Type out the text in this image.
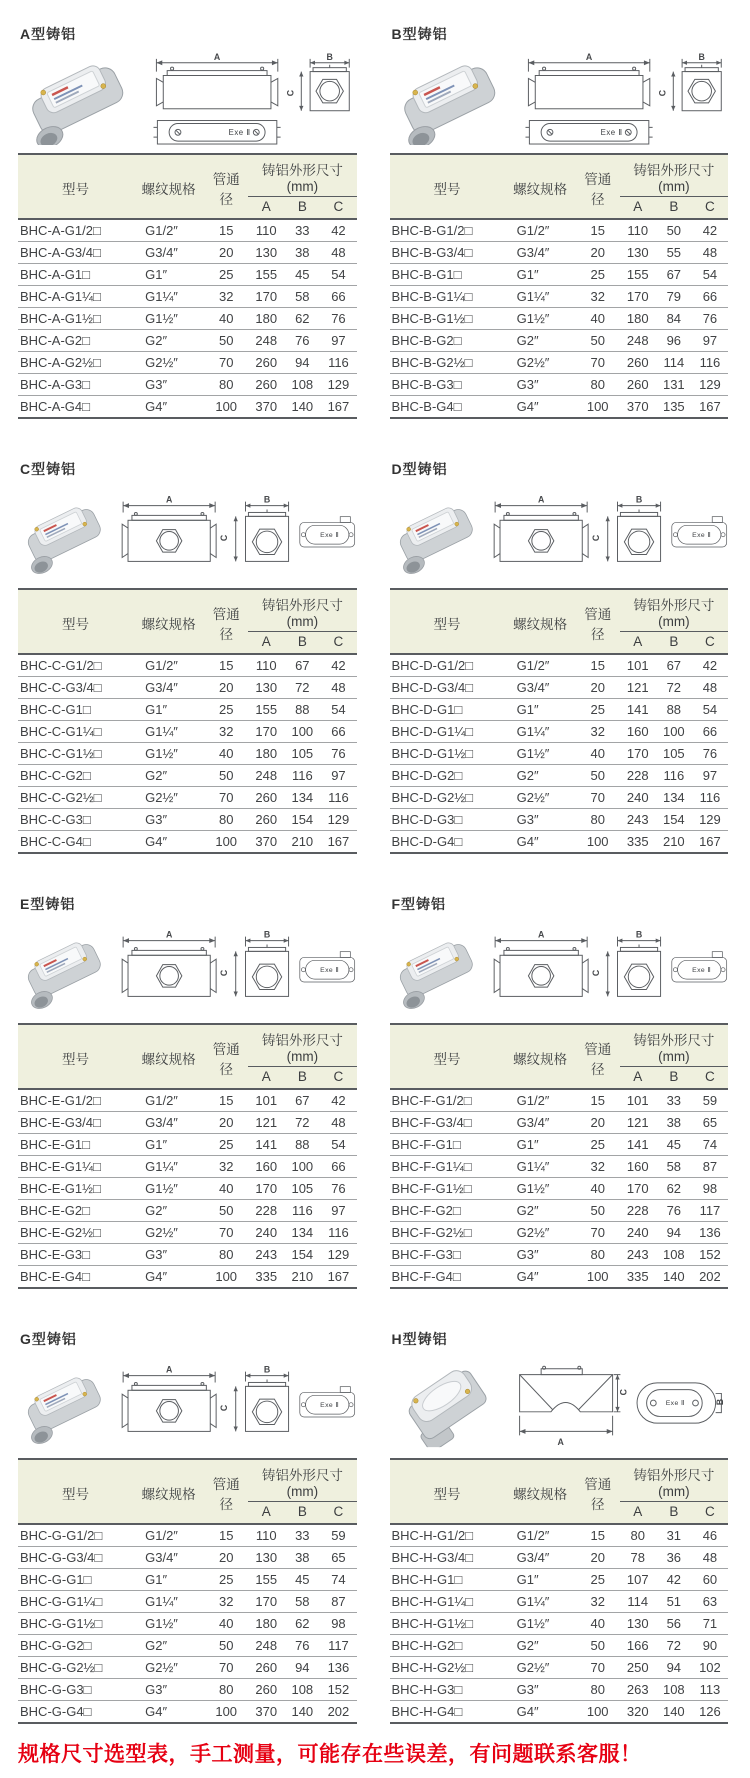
A型铸铝
A	B
C
Exe Ⅱ
型号	螺纹规格	管通径	铸铝外形尺寸(mm)		
			A	B	C
BHC-A-G1/2□	G1/2″	15	110	33	42
BHC-A-G3/4□	G3/4″	20	130	38	48
BHC-A-G1□	G1″	25	155	45	54
BHC-A-G1¼□	G1¼″	32	170	58	66
BHC-A-G1½□	G1½″	40	180	62	76
BHC-A-G2□	G2″	50	248	76	97
BHC-A-G2½□	G2½″	70	260	94	116
BHC-A-G3□	G3″	80	260	108	129
BHC-A-G4□	G4″	100	370	140	167
B型铸铝
A	B
C
Exe Ⅱ
型号	螺纹规格	管通径	铸铝外形尺寸(mm)		
			A	B	C
BHC-B-G1/2□	G1/2″	15	110	50	42
BHC-B-G3/4□	G3/4″	20	130	55	48
BHC-B-G1□	G1″	25	155	67	54
BHC-B-G1¼□	G1¼″	32	170	79	66
BHC-B-G1½□	G1½″	40	180	84	76
BHC-B-G2□	G2″	50	248	96	97
BHC-B-G2½□	G2½″	70	260	114	116
BHC-B-G3□	G3″	80	260	131	129
BHC-B-G4□	G4″	100	370	135	167
C型铸铝
A	B
C	Exe Ⅱ
型号	螺纹规格	管通径	铸铝外形尺寸(mm)		
			A	B	C
BHC-C-G1/2□	G1/2″	15	110	67	42
BHC-C-G3/4□	G3/4″	20	130	72	48
BHC-C-G1□	G1″	25	155	88	54
BHC-C-G1¼□	G1¼″	32	170	100	66
BHC-C-G1½□	G1½″	40	180	105	76
BHC-C-G2□	G2″	50	248	116	97
BHC-C-G2½□	G2½″	70	260	134	116
BHC-C-G3□	G3″	80	260	154	129
BHC-C-G4□	G4″	100	370	210	167
D型铸铝
A	B
C	Exe Ⅱ
型号	螺纹规格	管通径	铸铝外形尺寸(mm)		
			A	B	C
BHC-D-G1/2□	G1/2″	15	101	67	42
BHC-D-G3/4□	G3/4″	20	121	72	48
BHC-D-G1□	G1″	25	141	88	54
BHC-D-G1¼□	G1¼″	32	160	100	66
BHC-D-G1½□	G1½″	40	170	105	76
BHC-D-G2□	G2″	50	228	116	97
BHC-D-G2½□	G2½″	70	240	134	116
BHC-D-G3□	G3″	80	243	154	129
BHC-D-G4□	G4″	100	335	210	167
E型铸铝
A	B
C	Exe Ⅱ
型号	螺纹规格	管通径	铸铝外形尺寸(mm)		
			A	B	C
BHC-E-G1/2□	G1/2″	15	101	67	42
BHC-E-G3/4□	G3/4″	20	121	72	48
BHC-E-G1□	G1″	25	141	88	54
BHC-E-G1¼□	G1¼″	32	160	100	66
BHC-E-G1½□	G1½″	40	170	105	76
BHC-E-G2□	G2″	50	228	116	97
BHC-E-G2½□	G2½″	70	240	134	116
BHC-E-G3□	G3″	80	243	154	129
BHC-E-G4□	G4″	100	335	210	167
F型铸铝
A	B
C	Exe Ⅱ
型号	螺纹规格	管通径	铸铝外形尺寸(mm)		
			A	B	C
BHC-F-G1/2□	G1/2″	15	101	33	59
BHC-F-G3/4□	G3/4″	20	121	38	65
BHC-F-G1□	G1″	25	141	45	74
BHC-F-G1¼□	G1¼″	32	160	58	87
BHC-F-G1½□	G1½″	40	170	62	98
BHC-F-G2□	G2″	50	228	76	117
BHC-F-G2½□	G2½″	70	240	94	136
BHC-F-G3□	G3″	80	243	108	152
BHC-F-G4□	G4″	100	335	140	202
G型铸铝
A	B
C	Exe Ⅱ
型号	螺纹规格	管通径	铸铝外形尺寸(mm)		
			A	B	C
BHC-G-G1/2□	G1/2″	15	110	33	59
BHC-G-G3/4□	G3/4″	20	130	38	65
BHC-G-G1□	G1″	25	155	45	74
BHC-G-G1¼□	G1¼″	32	170	58	87
BHC-G-G1½□	G1½″	40	180	62	98
BHC-G-G2□	G2″	50	248	76	117
BHC-G-G2½□	G2½″	70	260	94	136
BHC-G-G3□	G3″	80	260	108	152
BHC-G-G4□	G4″	100	370	140	202
H型铸铝
A
C
Exe Ⅱ	B
型号	螺纹规格	管通径	铸铝外形尺寸(mm)		
			A	B	C
BHC-H-G1/2□	G1/2″	15	80	31	46
BHC-H-G3/4□	G3/4″	20	78	36	48
BHC-H-G1□	G1″	25	107	42	60
BHC-H-G1¼□	G1¼″	32	114	51	63
BHC-H-G1½□	G1½″	40	130	56	71
BHC-H-G2□	G2″	50	166	72	90
BHC-H-G2½□	G2½″	70	250	94	102
BHC-H-G3□	G3″	80	263	108	113
BHC-H-G4□	G4″	100	320	140	126

规格尺寸选型表，手工测量，可能存在些误差，有问题联系客服！
